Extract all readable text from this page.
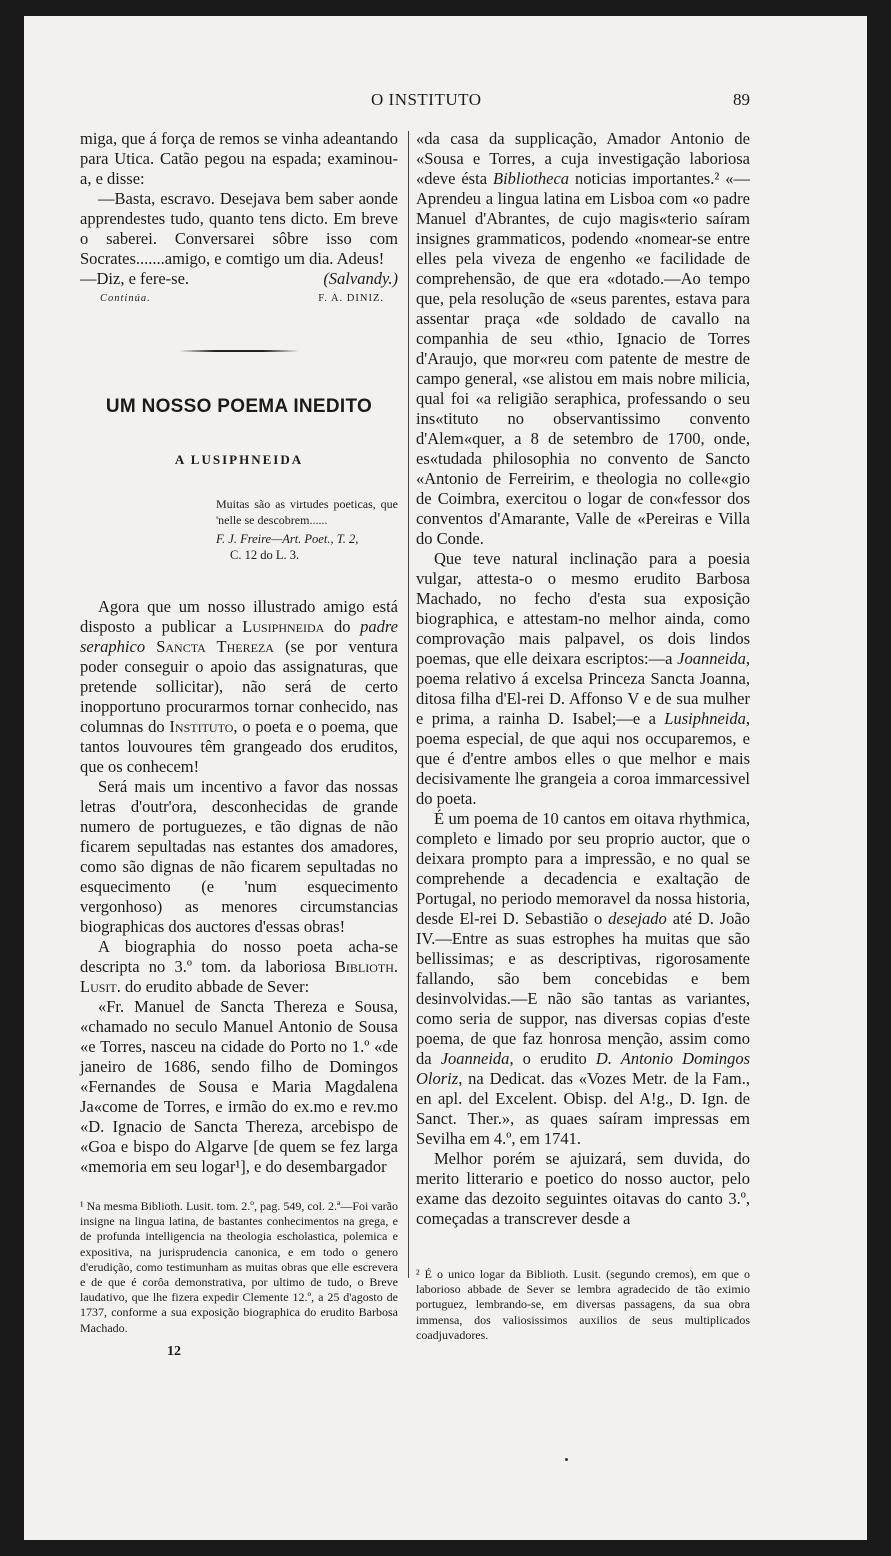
O INSTITUTO	89

miga, que á força de remos se vinha adeantando para Utica. Catão pegou na espada; examinou-a, e disse:

—Basta, escravo. Desejava bem saber aonde apprendestes tudo, quanto tens dicto. Em breve o saberei. Conversarei sôbre isso com Socrates.......amigo, e comtigo um dia. Adeus!

—Diz, e fere-se.	(Salvandy.)
Continúa.	F. A. DINIZ.
UM NOSSO POEMA INEDITO
A LUSIPHNEIDA
Muitas são as virtudes poeticas, que 'nelle se descobrem......
F. J. Freire—Art. Poet., T. 2,
C. 12 do L. 3.

Agora que um nosso illustrado amigo está disposto a publicar a Lusiphneida do padre seraphico Sancta Thereza (se por ventura poder conseguir o apoio das assignaturas, que pretende sollicitar), não será de certo inopportuno procurarmos tornar conhecido, nas columnas do Instituto, o poeta e o poema, que tantos louvoures têm grangeado dos eruditos, que os conhecem!

Será mais um incentivo a favor das nossas letras d'outr'ora, desconhecidas de grande numero de portuguezes, e tão dignas de não ficarem sepultadas nas estantes dos amadores, como são dignas de não ficarem sepultadas no esquecimento (e 'num esquecimento vergonhoso) as menores circumstancias biographicas dos auctores d'essas obras!

A biographia do nosso poeta acha-se descripta no 3.º tom. da laboriosa Biblioth. Lusit. do erudito abbade de Sever:

«Fr. Manuel de Sancta Thereza e Sousa, «chamado no seculo Manuel Antonio de Sousa «e Torres, nasceu na cidade do Porto no 1.º «de janeiro de 1686, sendo filho de Domingos «Fernandes de Sousa e Maria Magdalena Ja«come de Torres, e irmão do ex.mo e rev.mo «D. Ignacio de Sancta Thereza, arcebispo de «Goa e bispo do Algarve [de quem se fez larga «memoria em seu logar¹], e do desembargador

¹ Na mesma Biblioth. Lusit. tom. 2.º, pag. 549, col. 2.ª—Foi varão insigne na lingua latina, de bastantes conhecimentos na grega, e de profunda intelligencia na theologia escholastica, polemica e expositiva, na jurisprudencia canonica, e em todo o genero d'erudição, como testimunham as muitas obras que elle escrevera e de que é corôa demonstrativa, por ultimo de tudo, o Breve laudativo, que lhe fizera expedir Clemente 12.º, a 25 d'agosto de 1737, conforme a sua exposição biographica do erudito Barbosa Machado.
12

«da casa da supplicação, Amador Antonio de «Sousa e Torres, a cuja investigação laboriosa «deve ésta Bibliotheca noticias importantes.² «—Aprendeu a lingua latina em Lisboa com «o padre Manuel d'Abrantes, de cujo magis«terio saíram insignes grammaticos, podendo «nomear-se entre elles pela viveza de engenho «e facilidade de comprehensão, de que era «dotado.—Ao tempo que, pela resolução de «seus parentes, estava para assentar praça «de soldado de cavallo na companhia de seu «thio, Ignacio de Torres d'Araujo, que mor«reu com patente de mestre de campo general, «se alistou em mais nobre milicia, qual foi «a religião seraphica, professando o seu ins«tituto no observantissimo convento d'Alem«quer, a 8 de setembro de 1700, onde, es«tudada philosophia no convento de Sancto «Antonio de Ferreirim, e theologia no colle«gio de Coimbra, exercitou o logar de con«fessor dos conventos d'Amarante, Valle de «Pereiras e Villa do Conde.

Que teve natural inclinação para a poesia vulgar, attesta-o o mesmo erudito Barbosa Machado, no fecho d'esta sua exposição biographica, e attestam-no melhor ainda, como comprovação mais palpavel, os dois lindos poemas, que elle deixara escriptos:—a Joanneida, poema relativo á excelsa Princeza Sancta Joanna, ditosa filha d'El-rei D. Affonso V e de sua mulher e prima, a rainha D. Isabel;—e a Lusiphneida, poema especial, de que aqui nos occuparemos, e que é d'entre ambos elles o que melhor e mais decisivamente lhe grangeia a coroa immarcessivel do poeta.

É um poema de 10 cantos em oitava rhythmica, completo e limado por seu proprio auctor, que o deixara prompto para a impressão, e no qual se comprehende a decadencia e exaltação de Portugal, no periodo memoravel da nossa historia, desde El-rei D. Sebastião o desejado até D. João IV.—Entre as suas estrophes ha muitas que são bellissimas; e as descriptivas, rigorosamente fallando, são bem concebidas e bem desinvolvidas.—E não são tantas as variantes, como seria de suppor, nas diversas copias d'este poema, de que faz honrosa menção, assim como da Joanneida, o erudito D. Antonio Domingos Oloriz, na Dedicat. das «Vozes Metr. de la Fam., en apl. del Excelent. Obisp. del A!g., D. Ign. de Sanct. Ther.», as quaes saíram impressas em Sevilha em 4.º, em 1741.

Melhor porém se ajuizará, sem duvida, do merito litterario e poetico do nosso auctor, pelo exame das dezoito seguintes oitavas do canto 3.º, começadas a transcrever desde a

² É o unico logar da Biblioth. Lusit. (segundo cremos), em que o laborioso abbade de Sever se lembra agradecido de tão eximio portuguez, lembrando-se, em diversas passagens, da sua obra immensa, dos valiosissimos auxilios de seus multiplicados coadjuvadores.
